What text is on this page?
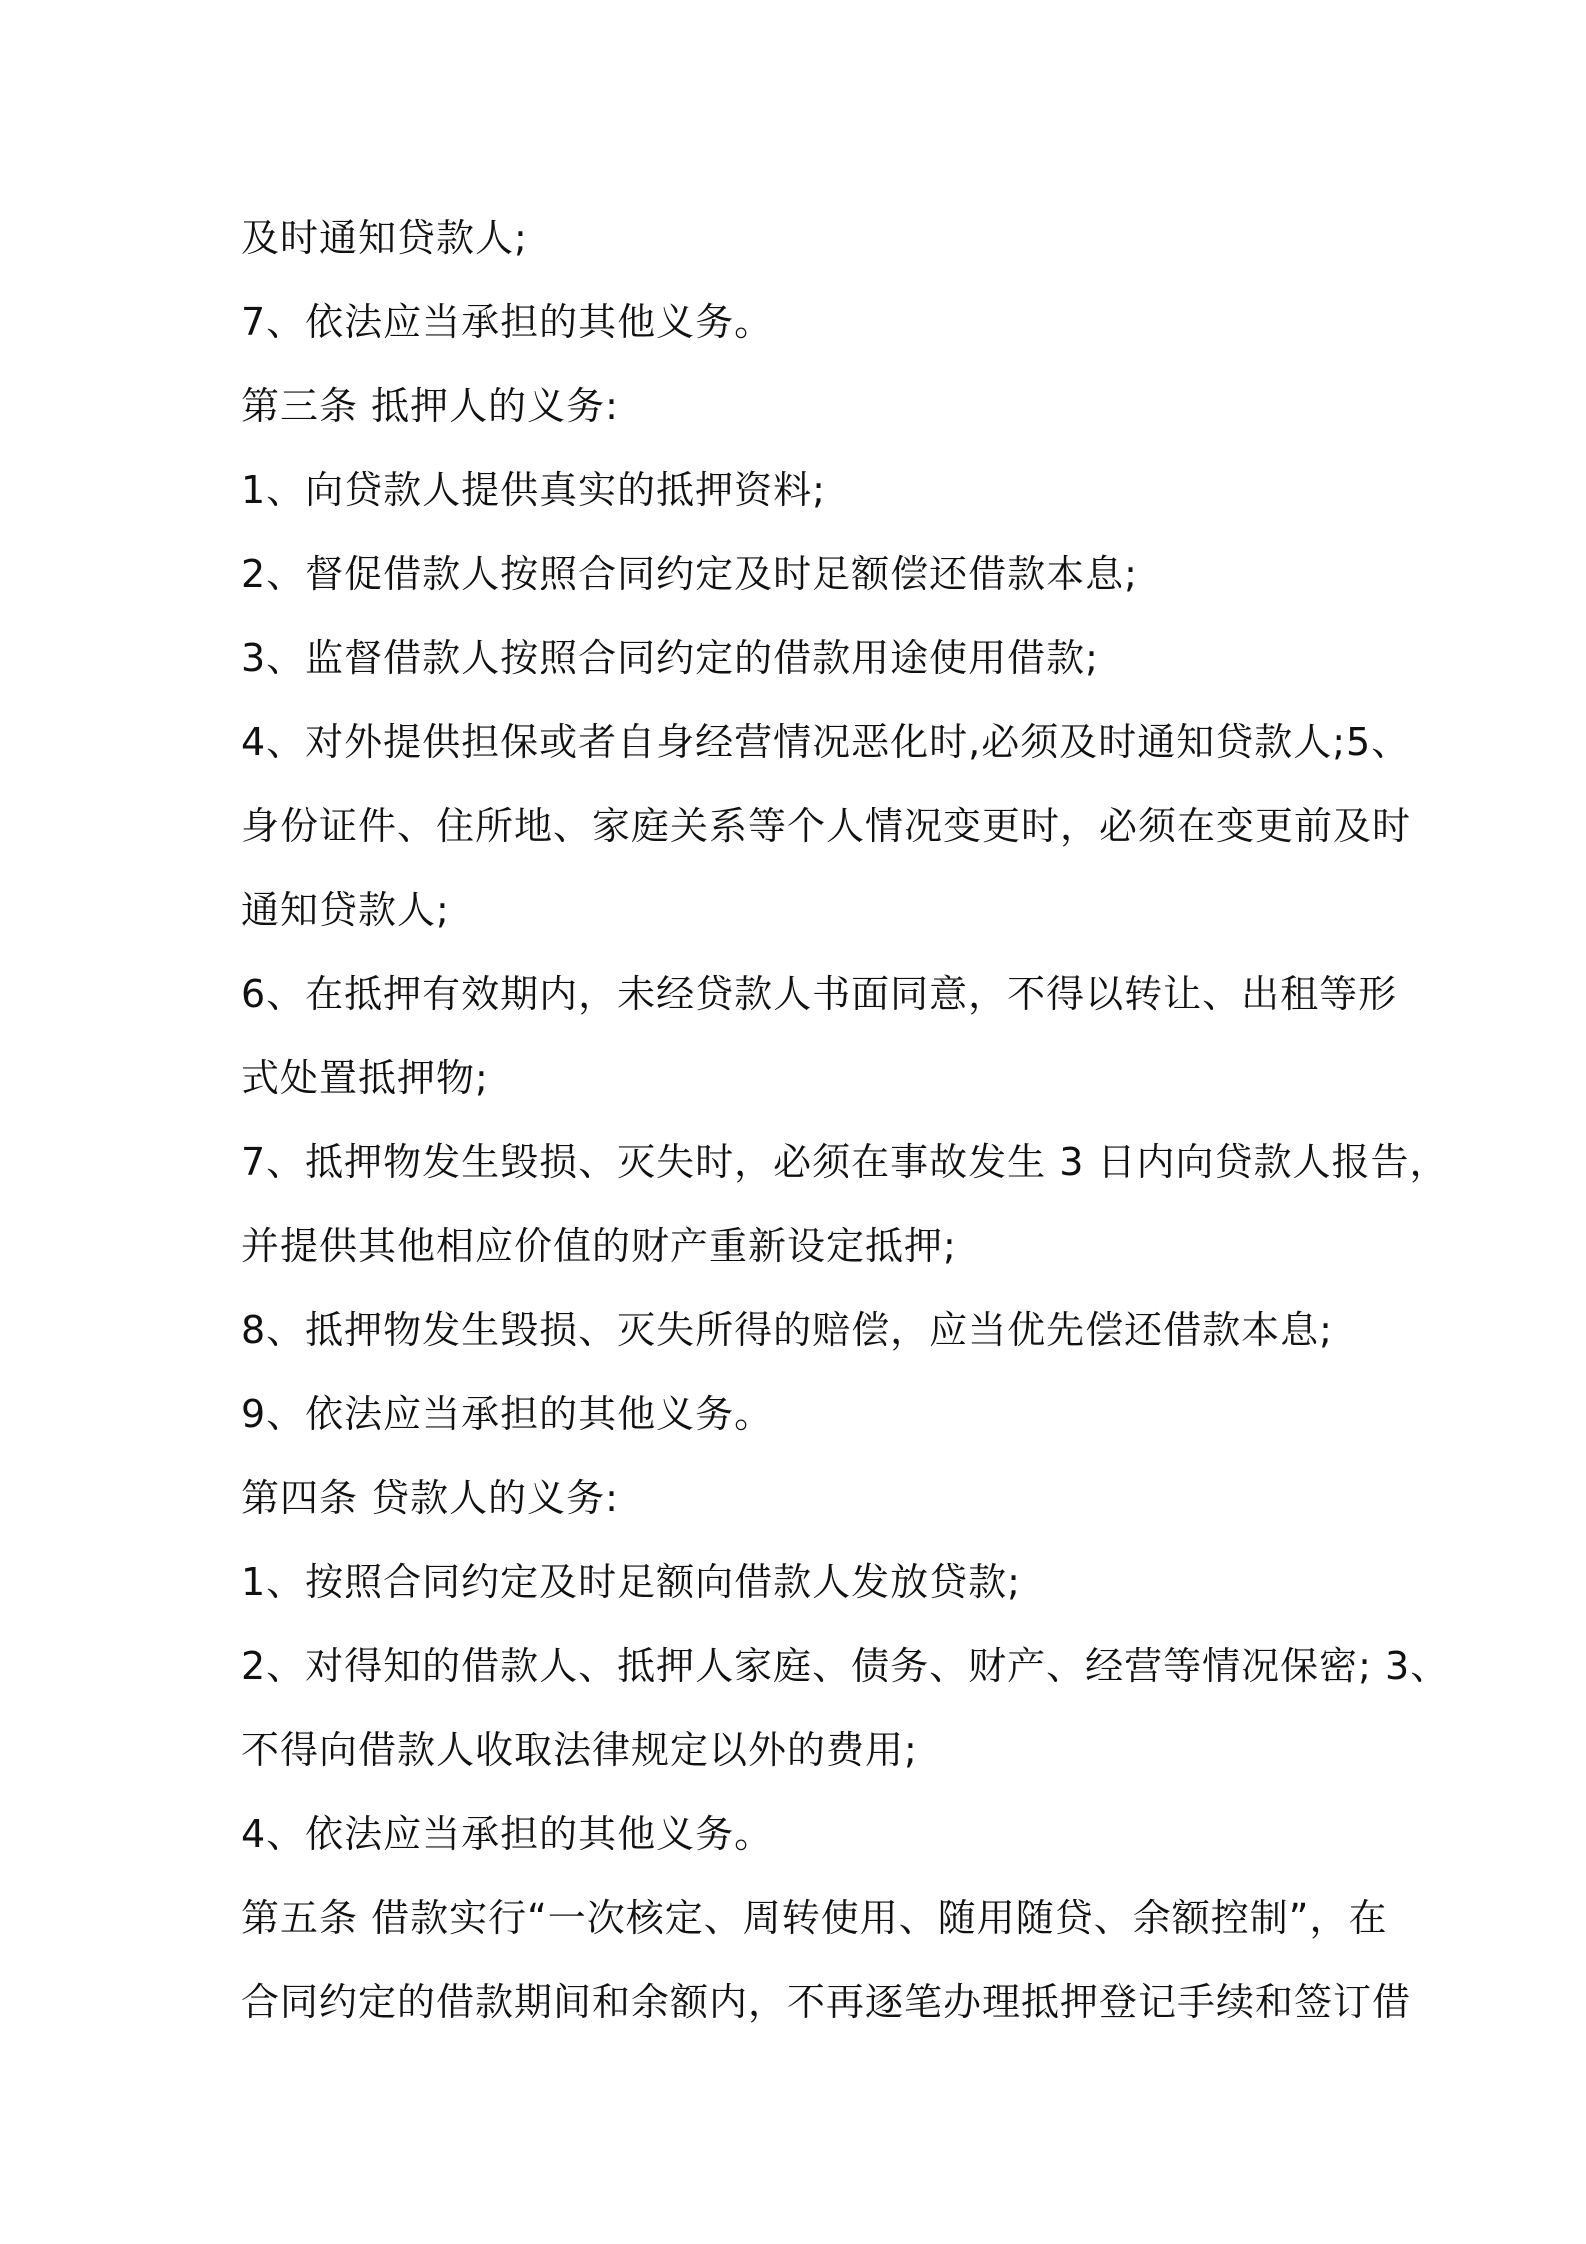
及时通知贷款人;
7、依法应当承担的其他义务。
第三条 抵押人的义务:
1、向贷款人提供真实的抵押资料;
2、督促借款人按照合同约定及时足额偿还借款本息;
3、监督借款人按照合同约定的借款用途使用借款;
4、对外提供担保或者自身经营情况恶化时,必须及时通知贷款人;5、
身份证件、住所地、家庭关系等个人情况变更时，必须在变更前及时
通知贷款人;
6、在抵押有效期内，未经贷款人书面同意，不得以转让、出租等形
式处置抵押物;
7、抵押物发生毁损、灭失时，必须在事故发生 3 日内向贷款人报告，
并提供其他相应价值的财产重新设定抵押;
8、抵押物发生毁损、灭失所得的赔偿，应当优先偿还借款本息;
9、依法应当承担的其他义务。
第四条 贷款人的义务:
1、按照合同约定及时足额向借款人发放贷款;
2、对得知的借款人、抵押人家庭、债务、财产、经营等情况保密; 3、
不得向借款人收取法律规定以外的费用;
4、依法应当承担的其他义务。
第五条 借款实行“一次核定、周转使用、随用随贷、余额控制”，在
合同约定的借款期间和余额内，不再逐笔办理抵押登记手续和签订借
